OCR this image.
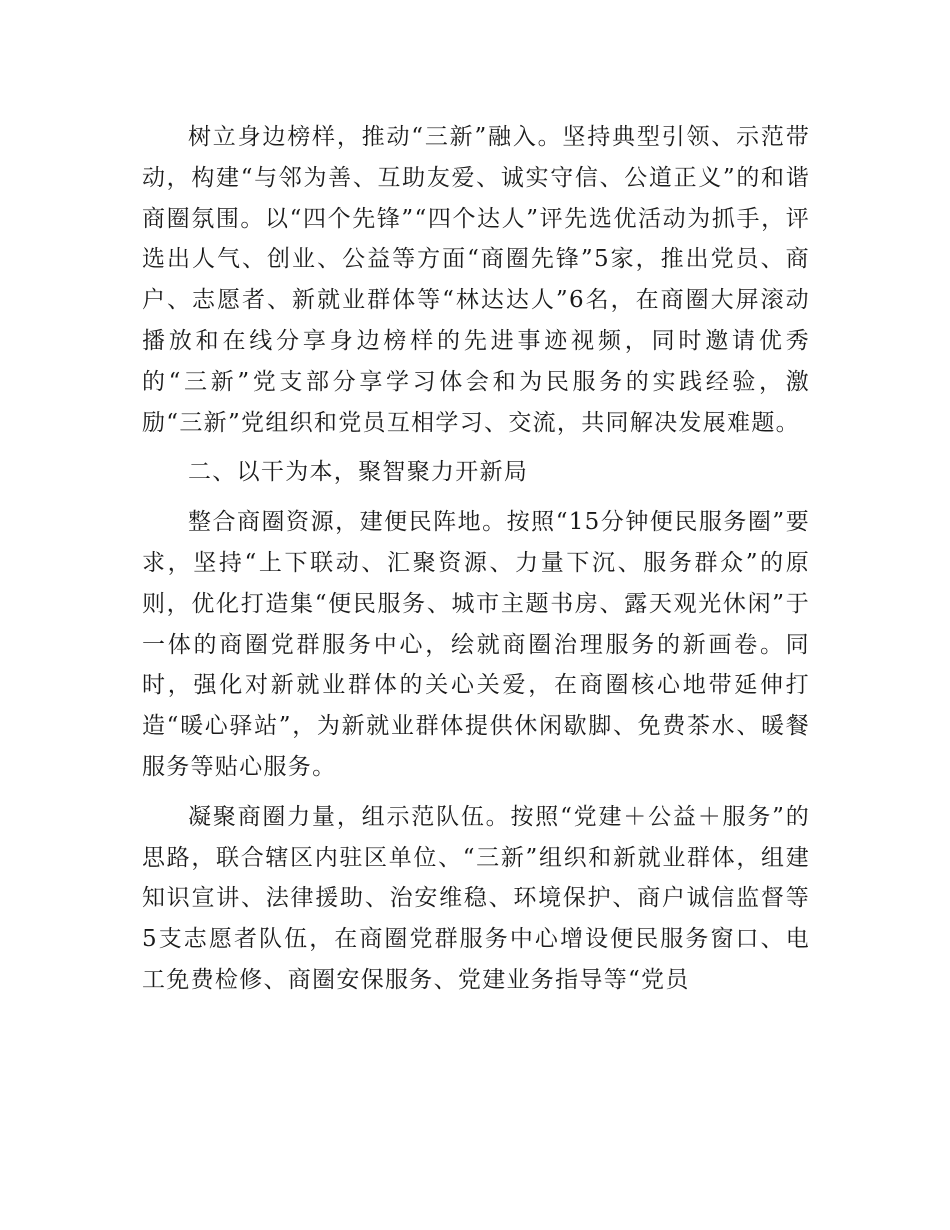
树立身边榜样，推动“三新”融入。坚持典型引领、示范带动，构建“与邻为善、互助友爱、诚实守信、公道正义”的和谐商圈氛围。以“四个先锋”“四个达人”评先选优活动为抓手，评选出人气、创业、公益等方面“商圈先锋”5家，推出党员、商户、志愿者、新就业群体等“林达达人”6名，在商圈大屏滚动播放和在线分享身边榜样的先进事迹视频，同时邀请优秀的“三新”党支部分享学习体会和为民服务的实践经验，激励“三新”党组织和党员互相学习、交流，共同解决发展难题。

二、以干为本，聚智聚力开新局

整合商圈资源，建便民阵地。按照“15分钟便民服务圈”要求，坚持“上下联动、汇聚资源、力量下沉、服务群众”的原则，优化打造集“便民服务、城市主题书房、露天观光休闲”于一体的商圈党群服务中心，绘就商圈治理服务的新画卷。同时，强化对新就业群体的关心关爱，在商圈核心地带延伸打造“暖心驿站”，为新就业群体提供休闲歇脚、免费茶水、暖餐服务等贴心服务。

凝聚商圈力量，组示范队伍。按照“党建＋公益＋服务”的思路，联合辖区内驻区单位、“三新”组织和新就业群体，组建知识宣讲、法律援助、治安维稳、环境保护、商户诚信监督等5支志愿者队伍，在商圈党群服务中心增设便民服务窗口、电工免费检修、商圈安保服务、党建业务指导等“党员
